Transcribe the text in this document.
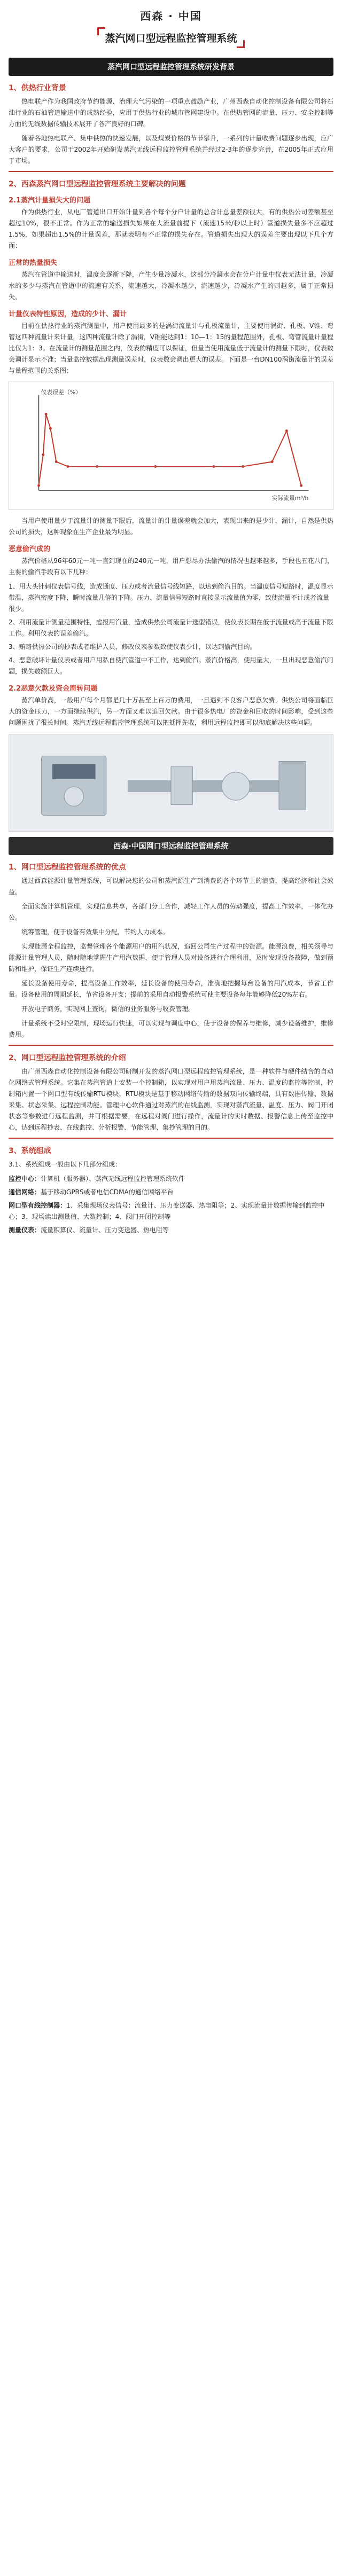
西森 · 中国
蒸汽网口型远程监控管理系统
蒸汽网口型远程监控管理系统研发背景
1、供热行业背景

热电联产作为我国政府节约能源、治理大气污染的一项重点鼓励产业，广州西森自动化控制设备有限公司将石油行业的石油管道输送中的成熟经验，应用于供热行业的城市管网建设中。在供热管网的流量、压力、安全控制等方面的无线数据传输技术展开了各产良好的口碑。

随着各地热电联产、集中供热的快速发展，以及煤炭价格的节节攀升，一系列的计量收费问题逐步出现，应广大客户的要求，公司于2002年开始研发蒸汽无线远程监控管理系统并经过2-3年的逐步完善，在2005年正式应用于市场。

2、西森蒸汽网口型远程监控管理系统主要解决的问题
2.1蒸汽计量损失大的问题

作为供热行业，从电厂管道出口开始计量到各个每个分户计量的总合计总量差额很大，有的供热公司差额甚至超过10%，很不正常。作为正常的输送损失如果在大流量前提下（流速15米/秒以上时）管道损失量多不应超过1.5%，如果超出1.5%的计量误差，那就表明有不正常的损失存在。管道损失出现大的误差主要出现以下几个方面：

正常的热量损失

蒸汽在管道中输送时，温度会逐渐下降，产生少量冷凝水，这部分冷凝水会在分户计量中仪表无法计量，冷凝水的多少与蒸汽在管道中的流速有关系，流速越大，冷凝水越少，流速越少，冷凝水产生的则越多，属于正常损失。

计量仪表特性原因，造成的少计、漏计

目前在供热行业的蒸汽测量中，用户使用最多的是涡街流量计与孔板流量计，主要使用涡街、孔板、V锥、弯管这四种流量计来计量，这四种流量计除了涡街，V锥能达到1：10—1：15的量程范围外，孔板、弯管流量计量程比仅为1：3。在流量计的测量范围之内，仪表的精度可以保证，但量当使用流量低于流量计的测量下限时，仪表数会调计显示不准；当量监控数据出现测量误差时，仪表数会调出更大的误差。下面是一台DN100涡街流量计的误差与量程范围的关系图：

仪表误差（%）
实际流量m³/h

当用户使用量少于流量计的测量下限后，流量计的计量误差就会加大，表现出来的是少计，漏计，自然是供热公司的损失，这种现象在生产企业最为明显。

恶意偷汽成的

蒸汽价格从96年60元一吨一直到现在的240元一吨，用户想尽办法偷汽的情况也越来越多，手段也五花八门，主要的偷汽手段有以下几种：

1、用大头针刺仪表信号线，造成通度、压力或者流量信号线短路，以达到偷汽目的。当温度信号短路时，温度显示带温，蒸汽密度下降，瞬时流量几倍的下降。压力、流量信号短路时直接显示流量值为零，致使流量不计或者流量很少。
2、利用流量计测量范围特性，虚报用汽量，造成供热公司流量计选型错误，使仪表长期在低于流量或高于流量下限工作。利用仪表的误差偷汽。
3、贿赂供热公司的抄表或者维护人员，修改仪表参数致使仪表少计，以达到偷汽目的。
4、恶意破坏计量仪表或者用户用私自使汽管道中不工作，达到偷汽。蒸汽价格高，使用量大，一旦出现恶意偷汽问题，损失数额巨大。
2.2恶意欠款及资金周转问题

蒸汽单价高，一般用户每个月都是几十万甚至上百万的费用，一旦遇到不良客户恶意欠费，供热公司将面临巨大的资金压力，一方面继续供汽，另一方面又难以追回欠款。由于很多热电厂的资金和回收的时间影响，受到这些问题困扰了很长时间。蒸汽无线远程监控管理系统可以把抵押先收，利用远程监控即可以彻底解决这些问题。

西森·中国网口型远程监控管理系统
1、网口型远程监控管理系统的优点

通过西森能源计量管理系统，可以解决您的公司和蒸汽源生产到消费的各个环节上的浪费，提高经济和社会效益。

全面实施计算机管理，实现信息共享，各部门分工合作，减轻工作人员的劳动强度，提高工作效率，一体化办公。

统筹管理，便于设备有效集中分配，节约人力成本。

实现能源全程监控，监督管理各个能源用户的用汽状况，追回公司生产过程中的资源。能源浪费，相关领导与能源计量管理人员，随时随地掌握生产用汽数据，便于管理人员对设备进行合理利用，及时发现设备故障，做到预防和维护，保证生产连续进行。

延长设备使用寿命，提高设备工作效率，延长设备的使用寿命，准确地把握每台设备的用汽成本，节省工作量。设备使用的周期延长，节省设备开支；提前的采用自动报警系统可使主要设备每年能够降低20%左右。

开放电子商务，实现网上查询，微信的业务服务与收费管理。

计量系统不受时空限制，现场运行快速，可以实现与调度中心，使于设备的保养与维修，减少设备维护，维修费用。

2、网口型远程监控管理系统的介绍

由广州西森自动化控制设备有限公司研制开发的蒸汽网口型远程监控管理系统，是一种软件与硬件结合的自动化网络式管理系统。它集在蒸汽管道上安装一个控制箱，以实现对用户用蒸汽流量、压力、温度的监控等控制，控制箱内置一个网口型有线传输RTU模块，RTU模块是基于移动网络传输的数据双向传输终端，具有数据传输、数据采集、状态采集、远程控制功能。管理中心软件通过对蒸汽的在线监测，实现对蒸汽流量、温度、压力、阀门开闭状态等参数进行远程监测，并可根据需要，在远程对阀门进行操作，流量计的实时数据、报警信息上传至监控中心，达到远程抄表、在线监控、分析报警、节能管理、集抄管理的目的。

3、系统组成

3.1、系统组成一般由以下几部分组成：

监控中心：计算机（服务器）、蒸汽无线远程监控管理系统软件
通信网络：基于移动GPRS或者电信CDMA的通信网络平台
网口型有线控制器：1、采集现场仪表信号：流量计、压力变送器、热电阻等；2、实现流量计数据传输到监控中心；3、现场读出测量值、大数控制；4、阀门开闭控制等
测量仪表：流量积算仪、流量计、压力变送器、热电阻等
